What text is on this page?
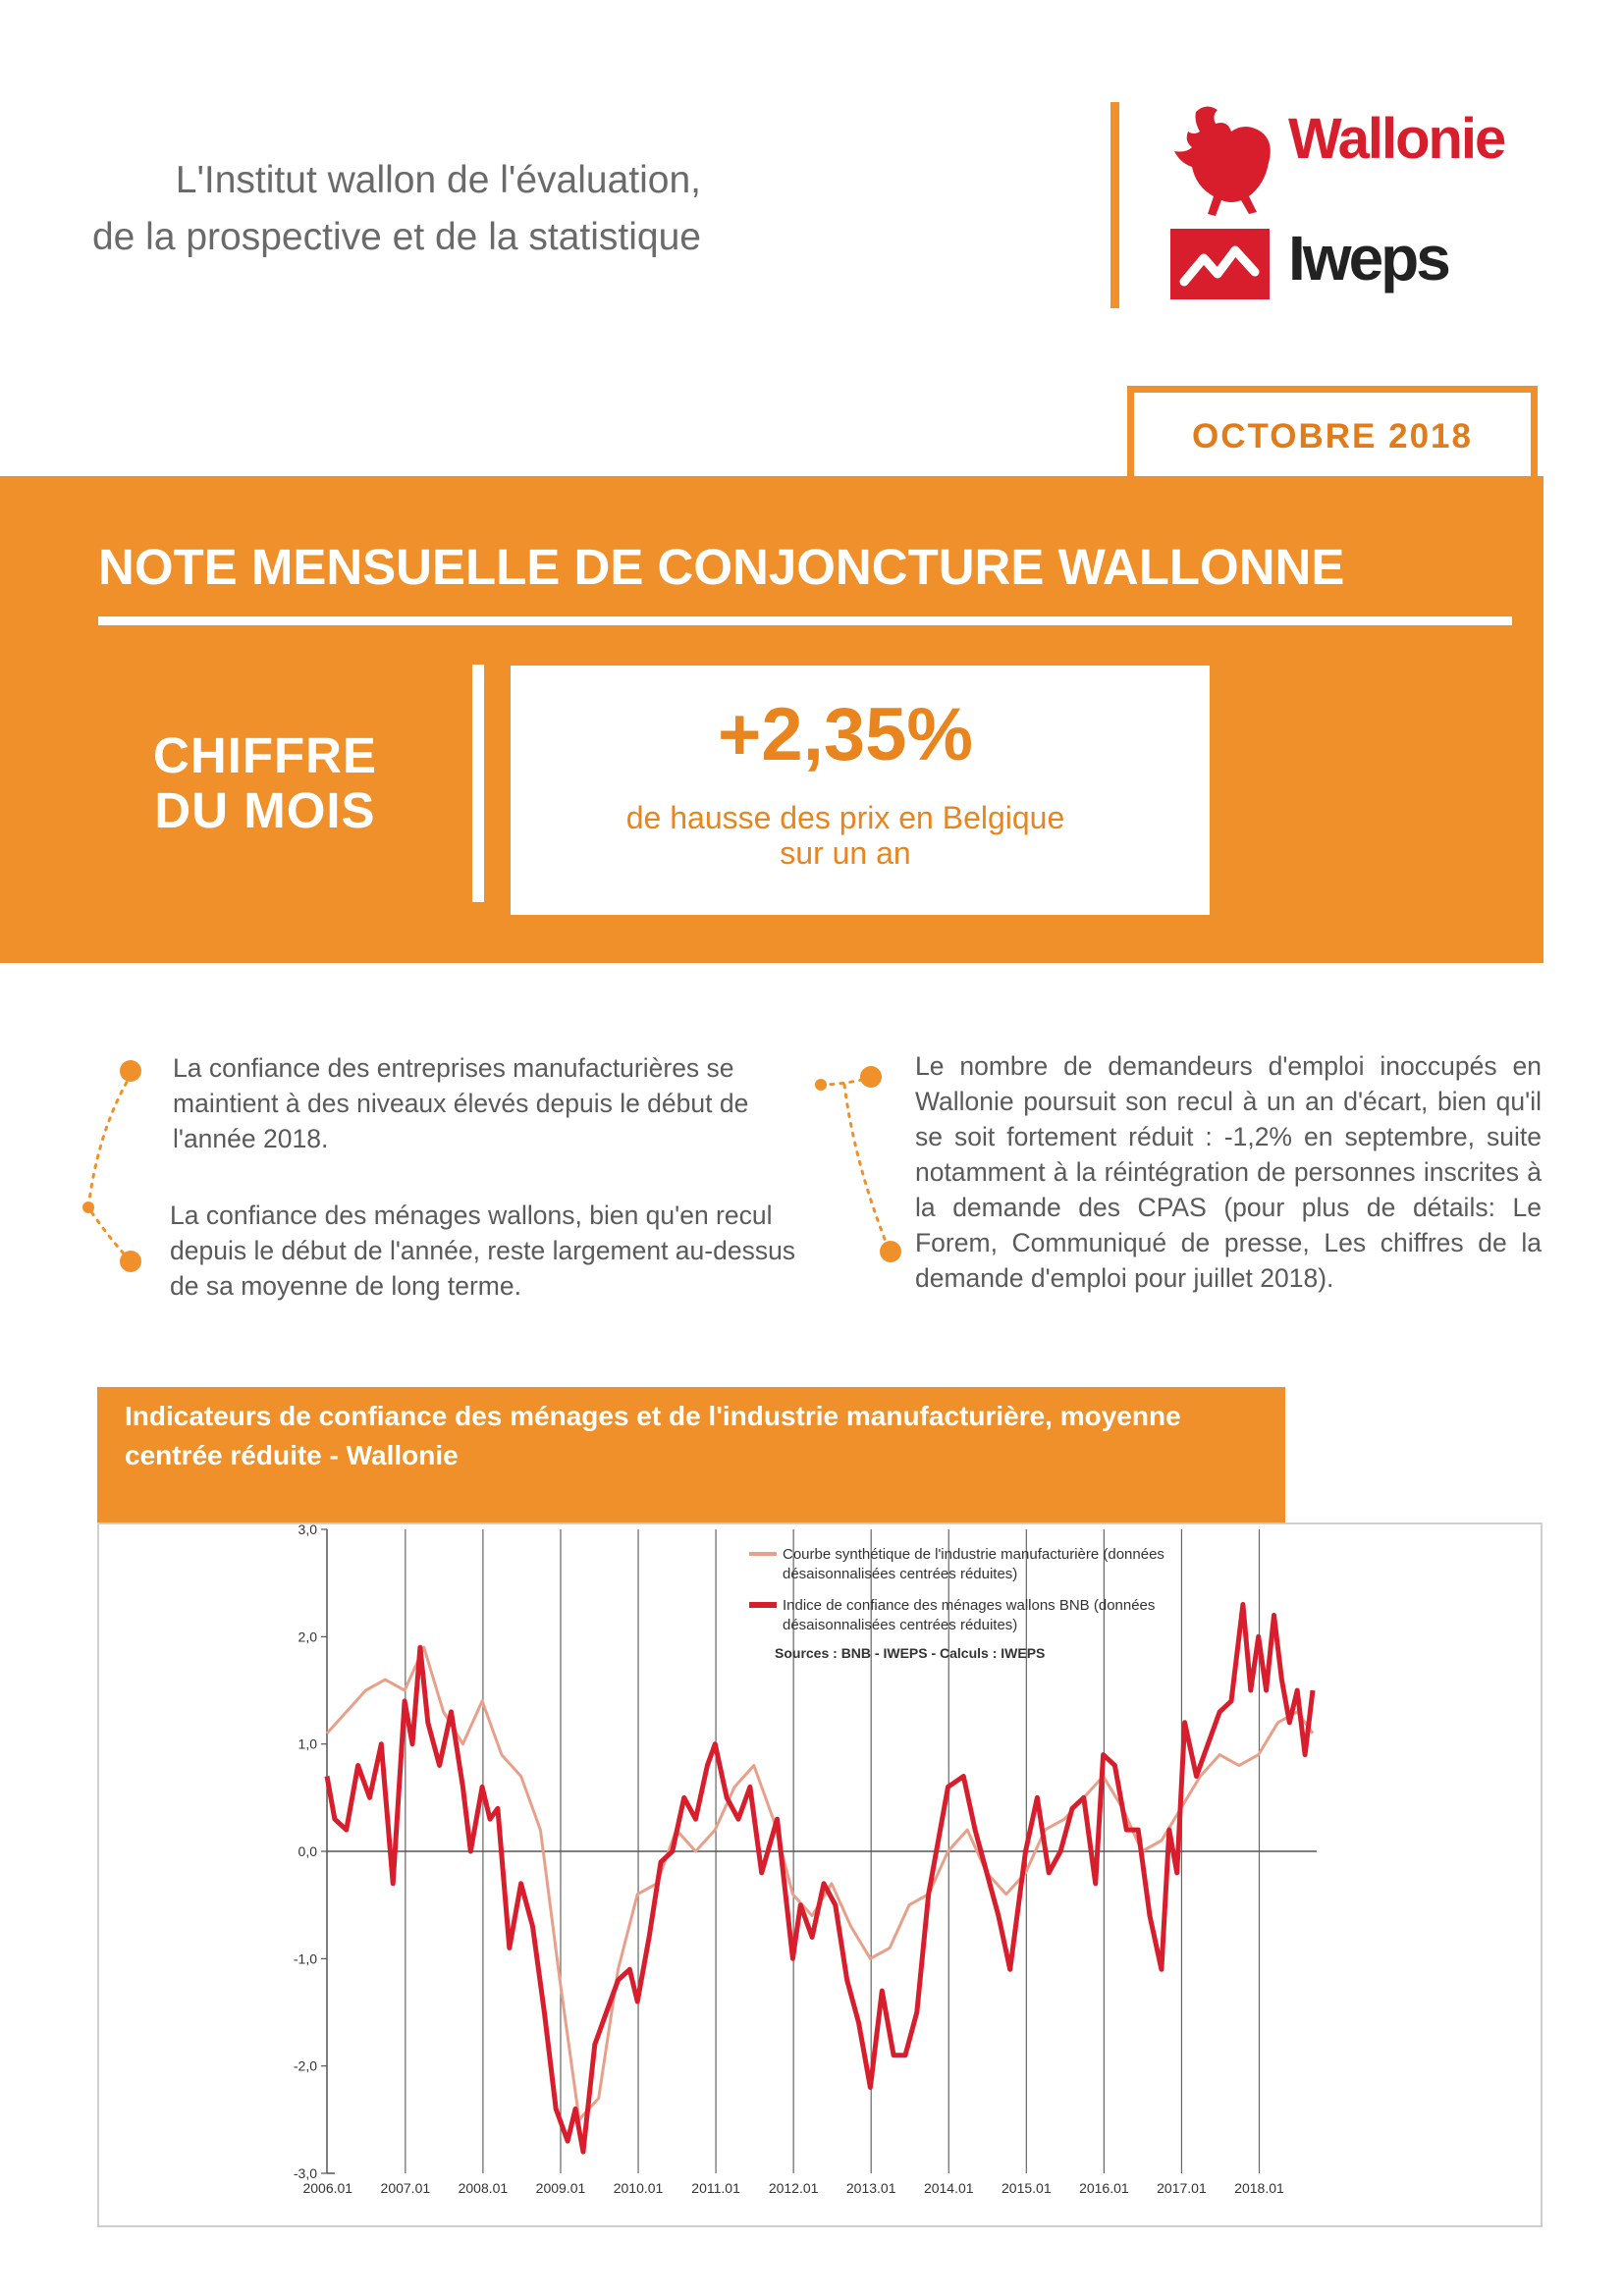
L'Institut wallon de l'évaluation,
de la prospective et de la statistique
Wallonie
Iweps
OCTOBRE 2018
NOTE MENSUELLE DE CONJONCTURE WALLONNE
CHIFFRE
DU MOIS
+2,35%
de hausse des prix en Belgique
sur un an
La confiance des entreprises manufacturières se maintient à des niveaux élevés depuis le début de l'année 2018.
La confiance des ménages wallons, bien qu'en recul depuis le début de l'année, reste largement au-dessus de sa moyenne de long terme.
Le nombre de demandeurs d'emploi inoccupés en Wallonie poursuit son recul à un an d'écart, bien qu'il se soit fortement réduit : -1,2% en septembre, suite notamment à la réintégration de personnes inscrites à la demande des CPAS (pour plus de détails: Le Forem, Communiqué de presse, Les chiffres de la demande d'emploi pour juillet 2018).
Indicateurs de confiance des ménages et de l'industrie manufacturière, moyenne centrée réduite - Wallonie
3,0
2,0
1,0
0,0
-1,0
-2,0
-3,0
2006.01 2007.01 2008.01 2009.01 2010.01 2011.01 2012.01 2013.01 2014.01 2015.01 2016.01 2017.01 2018.01
Courbe synthétique de l'industrie manufacturière (données
désaisonnalisées centrées réduites)
Indice de confiance des ménages wallons BNB (données
désaisonnalisées centrées réduites)
Sources : BNB - IWEPS - Calculs : IWEPS
